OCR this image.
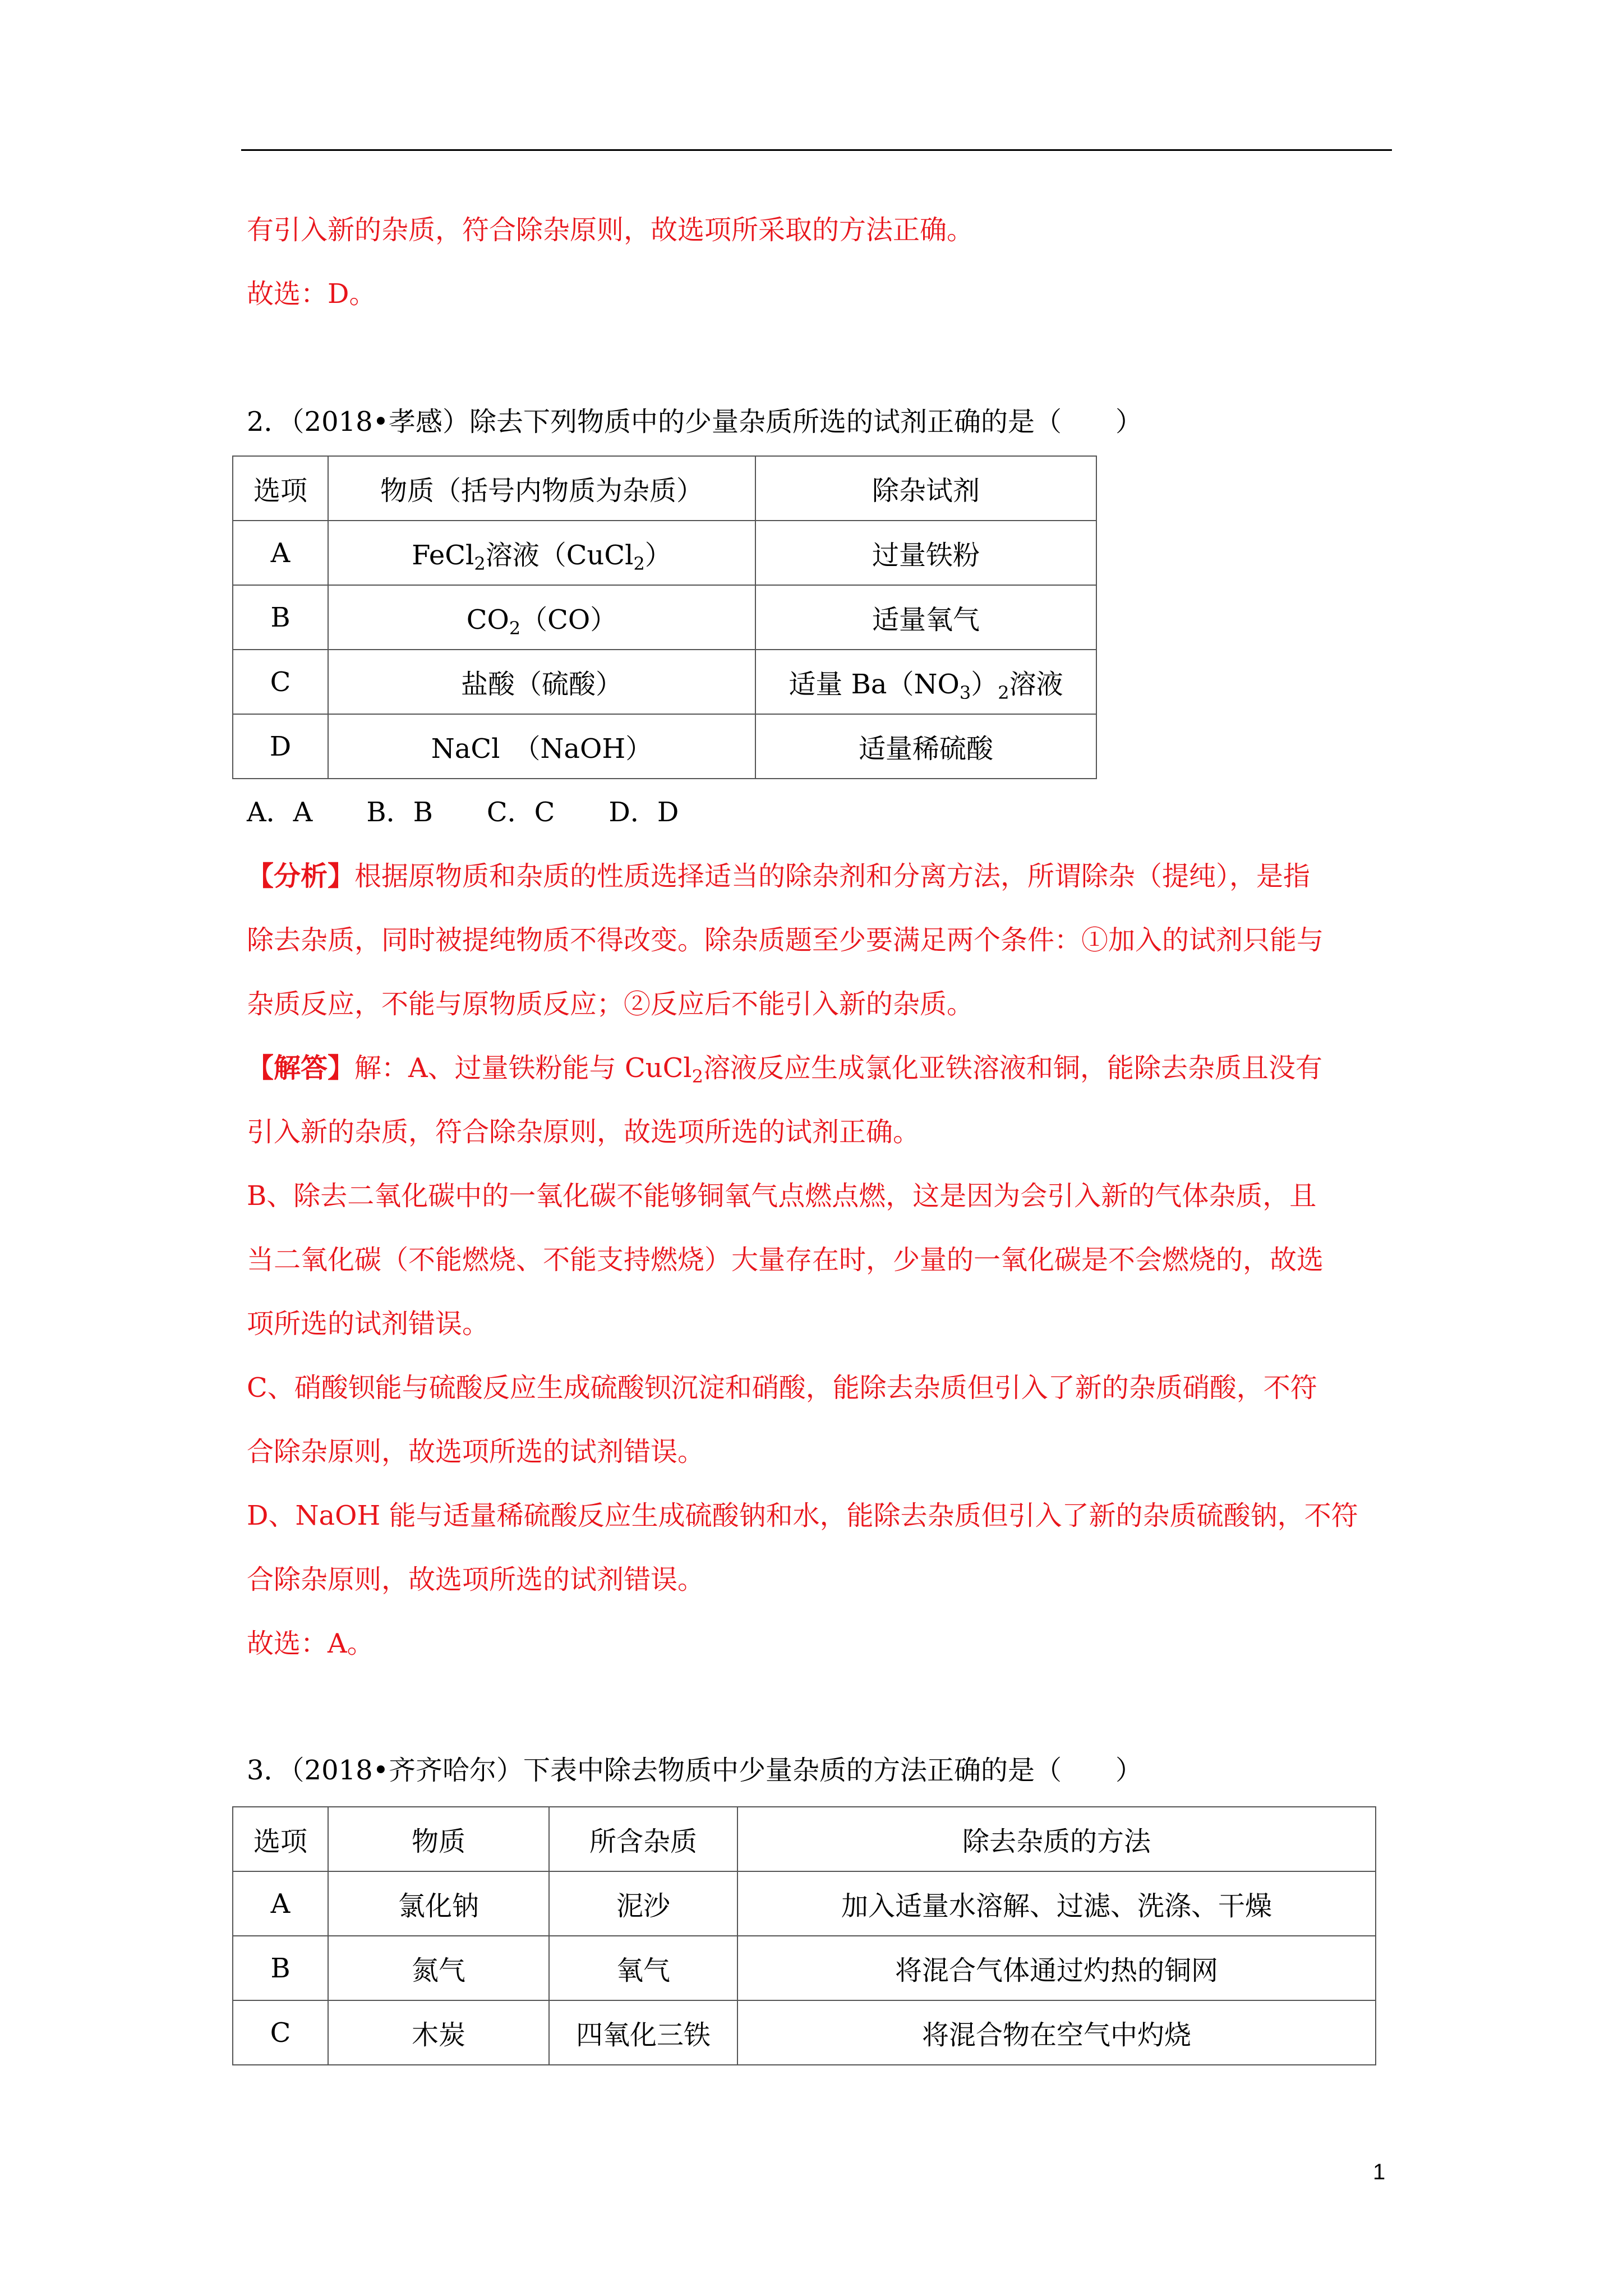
有引入新的杂质，符合除杂原则，故选项所采取的方法正确。
故选：D。
2．（2018•孝感）除去下列物质中的少量杂质所选的试剂正确的是（　　）
选项	物质（括号内物质为杂质）	除杂试剂
A	FeCl$_2$溶液（CuCl$_2$）	过量铁粉
B	$CO_2(CO)$	适量氧气
C	盐酸（硫酸）	适量 $Ba(NO_3)_2$溶液
D	NaCl　（NaOH）	适量稀硫酸
A．A　　B．B　　C．C　　D．D
【分析】根据原物质和杂质的性质选择适当的除杂剂和分离方法，所谓除杂（提纯），是指
除去杂质，同时被提纯物质不得改变。除杂质题至少要满足两个条件：①加入的试剂只能与
杂质反应，不能与原物质反应；②反应后不能引入新的杂质。
【解答】解：A、过量铁粉能与 CuCl$_2$溶液反应生成氯化亚铁溶液和铜，能除去杂质且没有
引入新的杂质，符合除杂原则，故选项所选的试剂正确。
B、除去二氧化碳中的一氧化碳不能够铜氧气点燃点燃，这是因为会引入新的气体杂质，且
当二氧化碳（不能燃烧、不能支持燃烧）大量存在时，少量的一氧化碳是不会燃烧的，故选
项所选的试剂错误。
C、硝酸钡能与硫酸反应生成硫酸钡沉淀和硝酸，能除去杂质但引入了新的杂质硝酸，不符
合除杂原则，故选项所选的试剂错误。
D、NaOH 能与适量稀硫酸反应生成硫酸钠和水，能除去杂质但引入了新的杂质硫酸钠，不符
合除杂原则，故选项所选的试剂错误。
故选：A。
3．（2018•齐齐哈尔）下表中除去物质中少量杂质的方法正确的是（　　）
选项	物质	所含杂质	除去杂质的方法
A	氯化钠	泥沙	加入适量水溶解、过滤、洗涤、干燥
B	氮气	氧气	将混合气体通过灼热的铜网
C	木炭	四氧化三铁	将混合物在空气中灼烧
1
